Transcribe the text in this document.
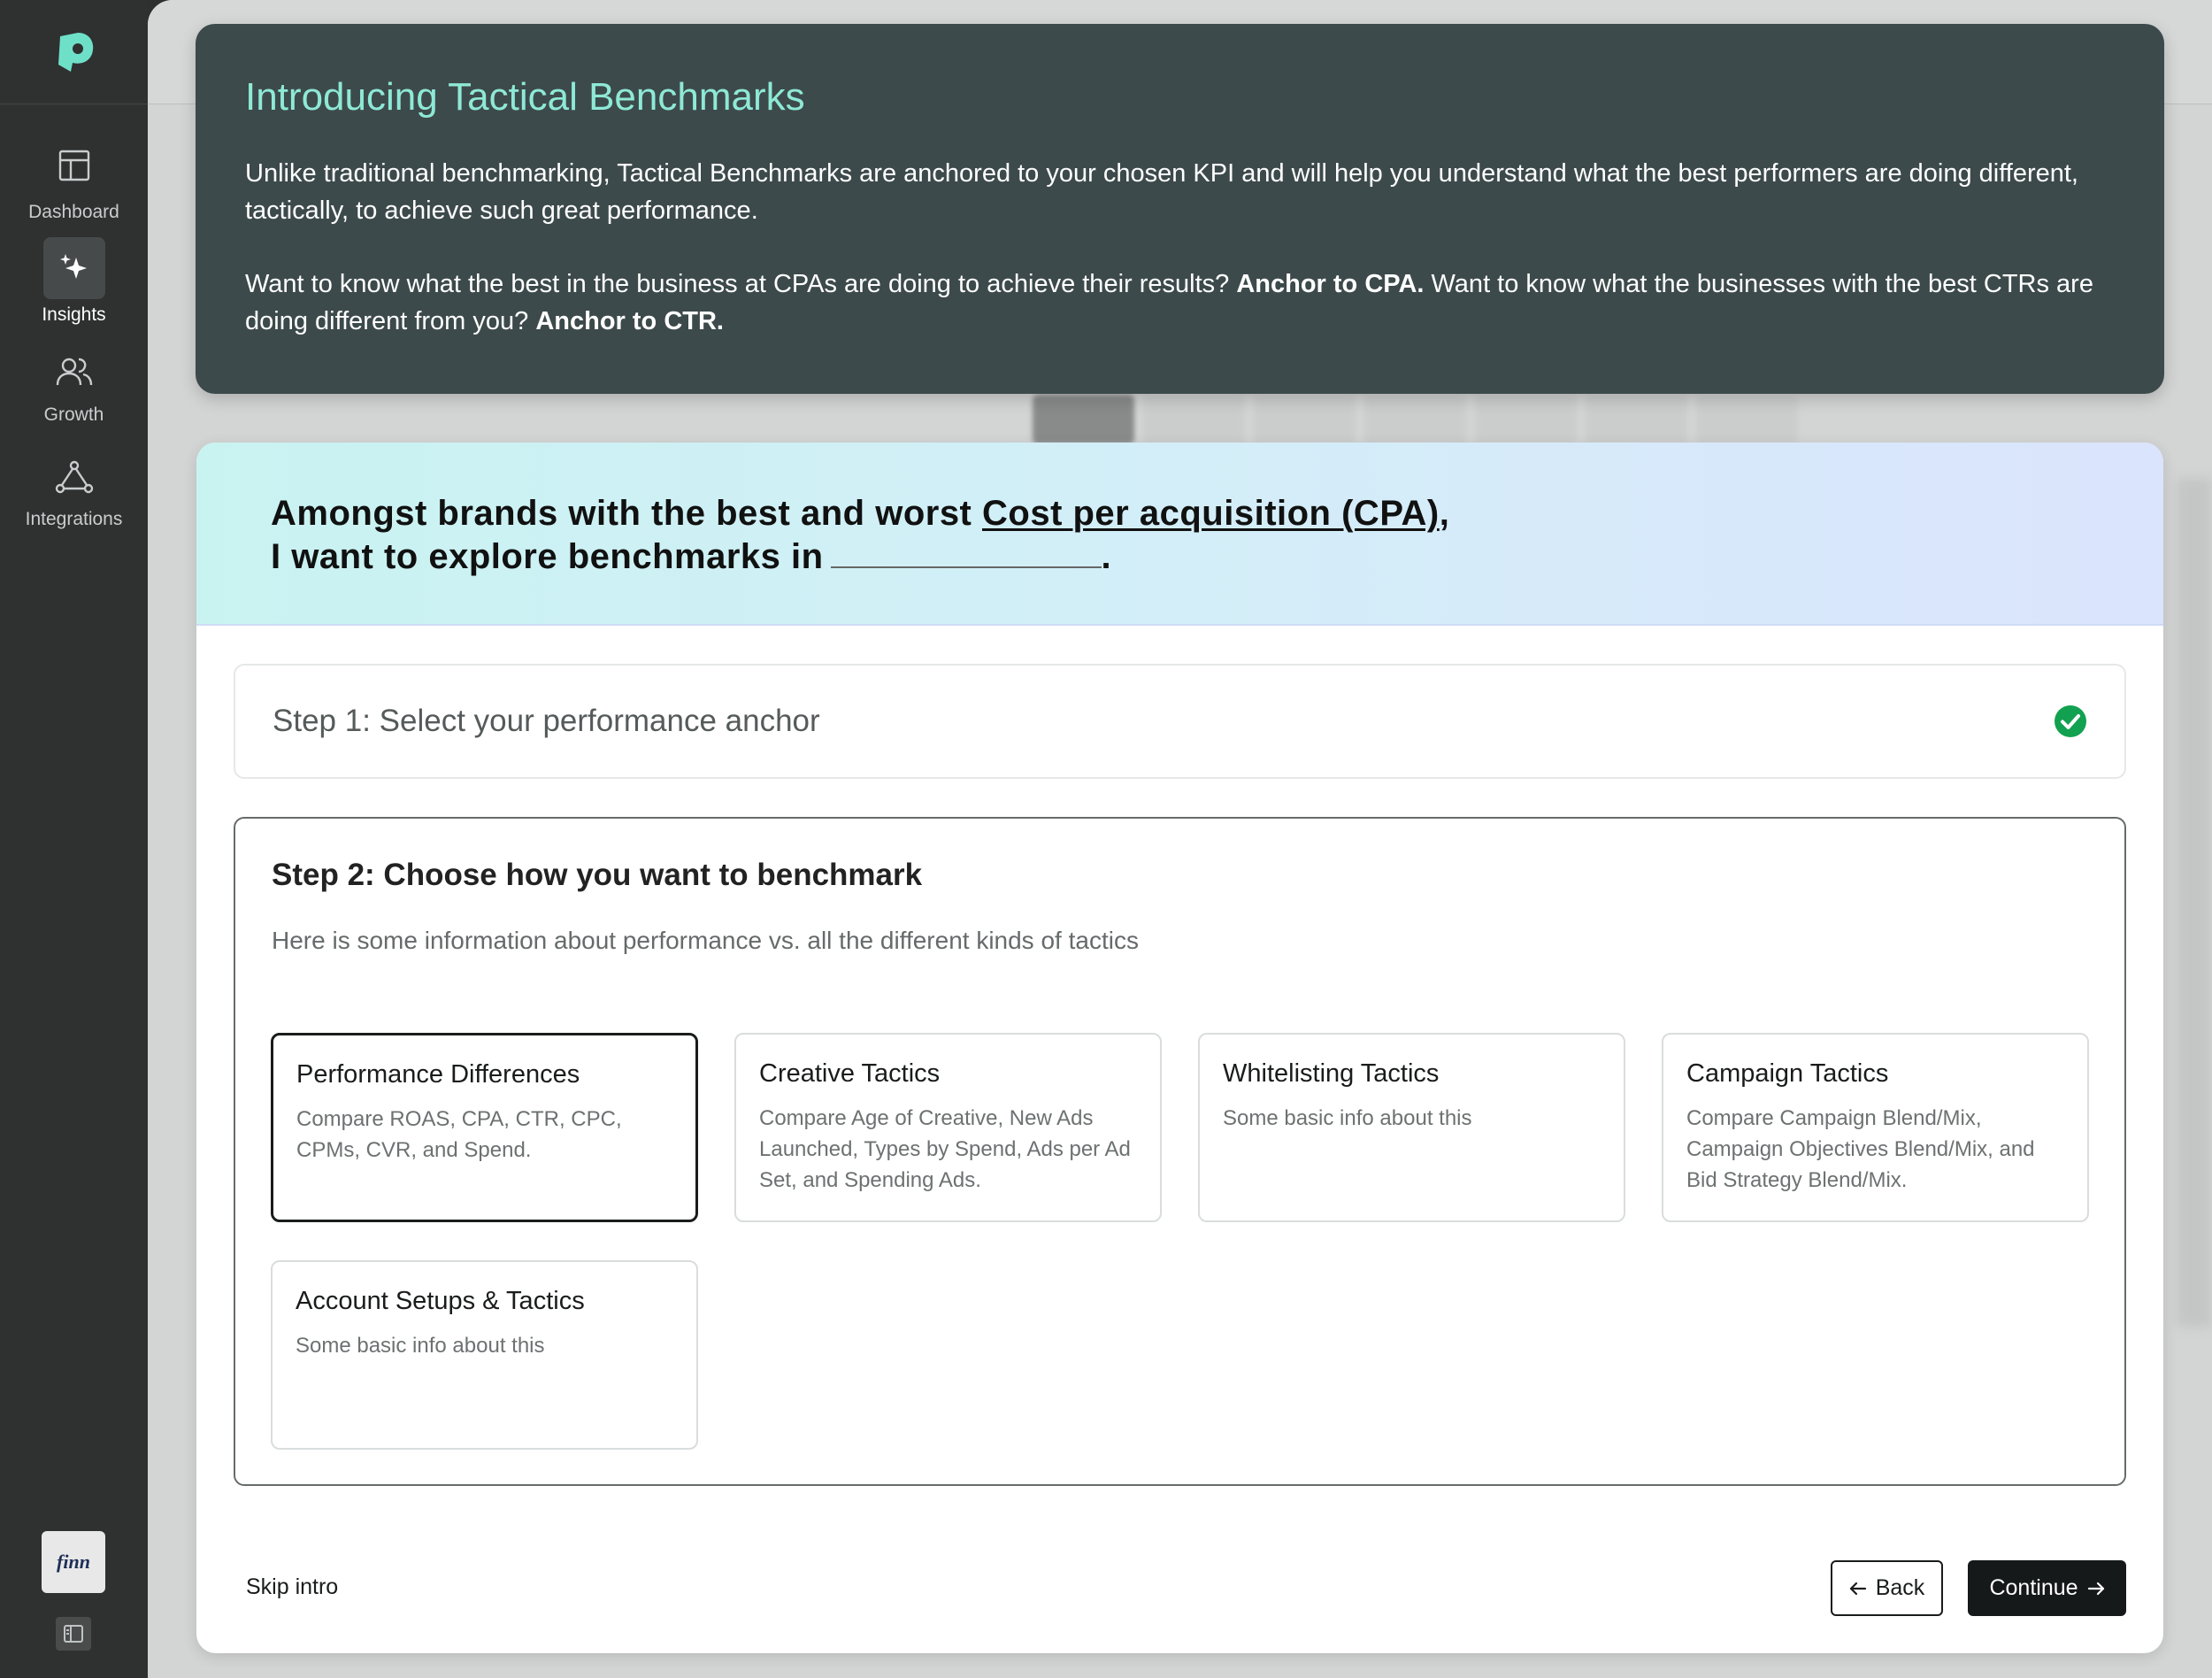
Dashboard
Insights
Growth
Integrations
finn
Introducing Tactical Benchmarks

Unlike traditional benchmarking, Tactical Benchmarks are anchored to your chosen KPI and will help you understand what the best performers are doing different, tactically, to achieve such great performance.

Want to know what the best in the business at CPAs are doing to achieve their results? Anchor to CPA. Want to know what the businesses with the best CTRs are doing different from you? Anchor to CTR.

Amongst brands with the best and worst Cost per acquisition (CPA),
I want to explore benchmarks in	.
Step 1: Select your performance anchor
Step 2: Choose how you want to benchmark

Here is some information about performance vs. all the different kinds of tactics

Performance Differences
Compare ROAS, CPA, CTR, CPC, CPMs, CVR, and Spend.
Creative Tactics
Compare Age of Creative, New Ads Launched, Types by Spend, Ads per Ad Set, and Spending Ads.
Whitelisting Tactics
Some basic info about this
Campaign Tactics
Compare Campaign Blend/Mix, Campaign Objectives Blend/Mix, and Bid Strategy Blend/Mix.
Account Setups & Tactics
Some basic info about this
Skip intro	Back	Continue
